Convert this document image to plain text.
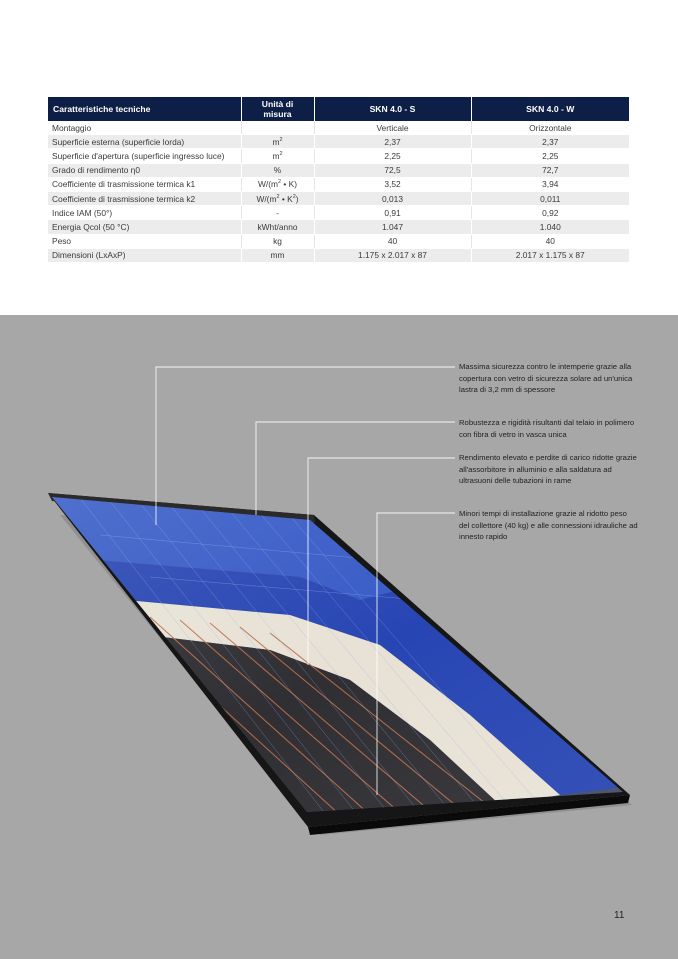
Caratteristiche tecniche	Unità di misura	SKN 4.0 - S	SKN 4.0 - W
Montaggio		Verticale	Orizzontale
Superficie esterna (superficie lorda)	$m^2$	2,37	2,37
Superficie d'apertura (superficie ingresso luce)	$m^2$	2,25	2,25
Grado di rendimento η0	%	72,5	72,7
Coefficiente di trasmissione termica k1	$W/(m^2$ • K)	3,52	3,94
Coefficiente di trasmissione termica k2	$W/(m^2$ • $K^2$)	0,013	0,011
Indice IAM (50°)	-	0,91	0,92
Energia Qcol (50 °C)	kWht/anno	1.047	1.040
Peso	kg	40	40
Dimensioni (LxAxP)	mm	1.175 x 2.017 x 87	2.017 x 1.175 x 87
Massima sicurezza contro le intemperie grazie alla copertura con vetro di sicurezza solare ad un'unica lastra di 3,2 mm di spessore
Robustezza e rigidità risultanti dal telaio in polimero con fibra di vetro in vasca unica
Rendimento elevato e perdite di carico ridotte grazie all'assorbitore in alluminio e alla saldatura ad ultrasuoni delle tubazioni in rame
Minori tempi di installazione grazie al ridotto peso del collettore (40 kg) e alle connessioni idrauliche ad innesto rapido
11
